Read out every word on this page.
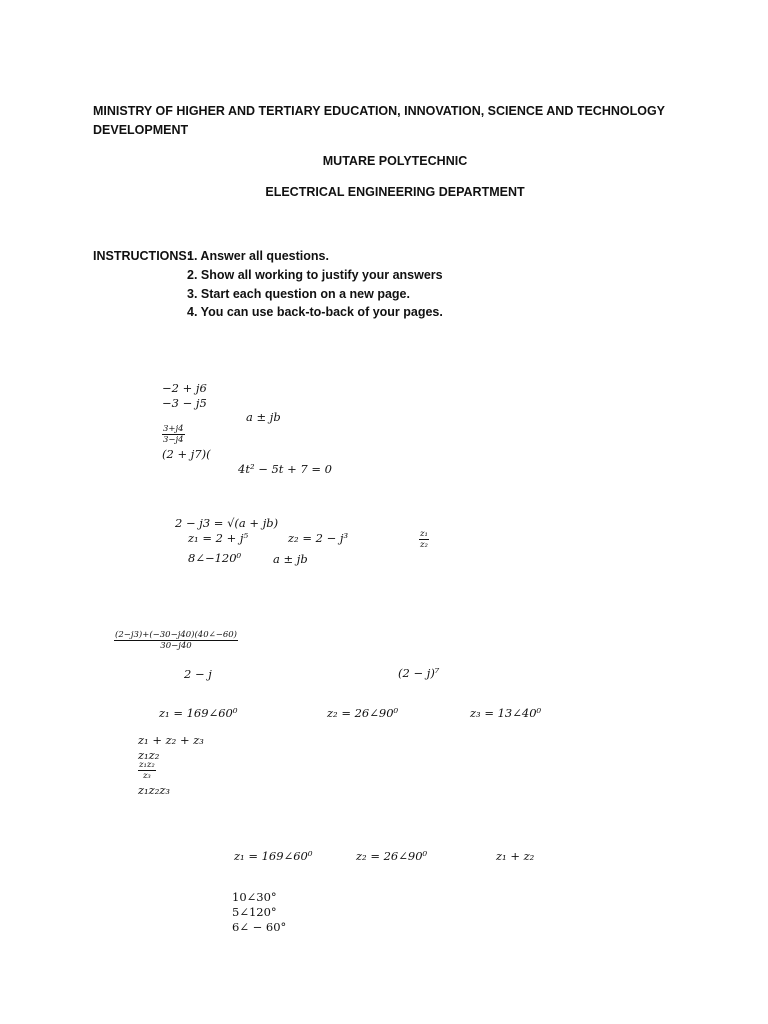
MINISTRY OF HIGHER AND TERTIARY EDUCATION, INNOVATION, SCIENCE AND TECHNOLOGY
DEVELOPMENT
MUTARE POLYTECHNIC
ELECTRICAL ENGINEERING DEPARTMENT
INSTRUCTIONS:
1. Answer all questions.
2. Show all working to justify your answers
3. Start each question on a new page.
4. You can use back-to-back of your pages.
−2 + j6
−3 − j5
a ± jb
$\frac{3+j4}{3-j4}$
(2 + j7)(
4t² − 5t + 7 = 0
2 − j3 = √(a + jb)
z₁ = 2 + j⁵	z₂ = 2 − j³	$\frac{\text{z₁}}{\text{z₂}}$
8∠−120⁰	a ± jb
$\frac{(2-j3)+(-30-j40)(40\angle-60)}{30-j40}$
2 − j	(2 − j)⁷
z₁ = 169∠60⁰	z₂ = 26∠90⁰	z₃ = 13∠40⁰
z₁ + z₂ + z₃
z₁z₂
$\frac{\text{z₁z₂}}{\text{z₃}}$
z₁z₂z₃
z₁ = 169∠60⁰	z₂ = 26∠90⁰	z₁ + z₂
10∠30°
5∠120°
6∠ − 60°
